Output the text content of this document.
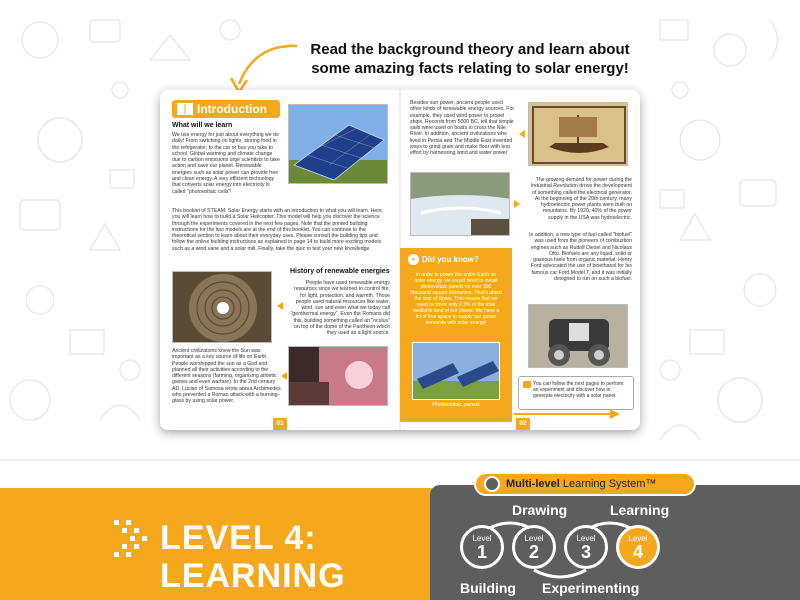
Read the background theory and learn about some amazing facts relating to solar energy!
Introduction
What will we learn
We use energy for just about everything we do daily! From switching on lights, storing food in the refrigerator, to the car or bus you take to school. Global warming and climate change due to carbon emissions urge scientists to take action and save our planet. Renewable energies such as solar power can provide free and clean energy. A very efficient technology that converts solar energy into electricity is called "photovoltaic cells"!
This booklet of STEAM: Solar Energy starts with an introduction to what you will learn. Here, you will learn how to build a Solar Helicopter. This model will help you discover the science through the experiments covered in the next few pages. Note that the printed building instructions for the two models are at the end of this booklet. You can continue to the theoretical section to learn about their everyday uses. Please consult the building tips and follow the online building instructions as explained in page 14 to build more exciting models such as a wind vane and a solar mill. Finally, take the quiz to test your new knowledge.
History of renewable energies
People have used renewable energy resources since we learned to control fire, for light, protection, and warmth. Those people used natural resources like water, wind, sun and even what we today call "geothermal energy". Even the Romans did this, building something called an "oculus" on top of the dome of the Pantheon which they used as a light source.
Ancient civilizations knew the Sun was important as a key source of life on Earth. People worshipped the sun as a God and planned all their activities according to the different seasons (farming, organising athletic games and even warfare). In the 2nd century AD, Lucian of Samosa wrote about Archimedes who prevented a Roman attack with a burning-glass by using solar power.
01
Besides sun power, ancient people used other kinds of renewable energy sources. For example, they used wind power to propel ships. Records from 5000 BC, tell that simple sails were used on boats to cross the Nile River. In addition, ancient civilizations who lived in Persia and The Middle East invented ways to grind grain and make flour with less effort by harnessing wind and water power.
The growing demand for power during the Industrial Revolution drove the development of something called the electrical generator. At the beginning of the 20th century, many hydroelectric power plants were built on mountains. By 1920, 40% of the power supply in the USA was hydroelectric.
• Did you know?
In order to power the entire Earth on solar energy, we would need to install photovoltaic panels on over 300 thousand square kilometers. That's about the size of Spain. This means that we need to cover only 0.3% of the total available land of our planet! We have a lot of free space to supply our power demands with solar energy!
Photovoltaic panels
In addition, a new type of fuel called "biofuel" was used from the pioneers of combustion engines such as Rudolf Diesel and Nicolaus Otto. Biofuels are any liquid, solid or gaseous fuels from organic material. Henry Ford advocated the use of bioethanol for his famous car Ford Model T, and it was initially designed to run on such a biofuel.
You can follow the next pages to perform an experiment and discover how to generate electricity with a solar panel.
02
LEVEL 4:
LEARNING
Multi-level Learning System™
Drawing	Learning
Building Experimenting
Level
1
Level
2
Level
3
Level
4
